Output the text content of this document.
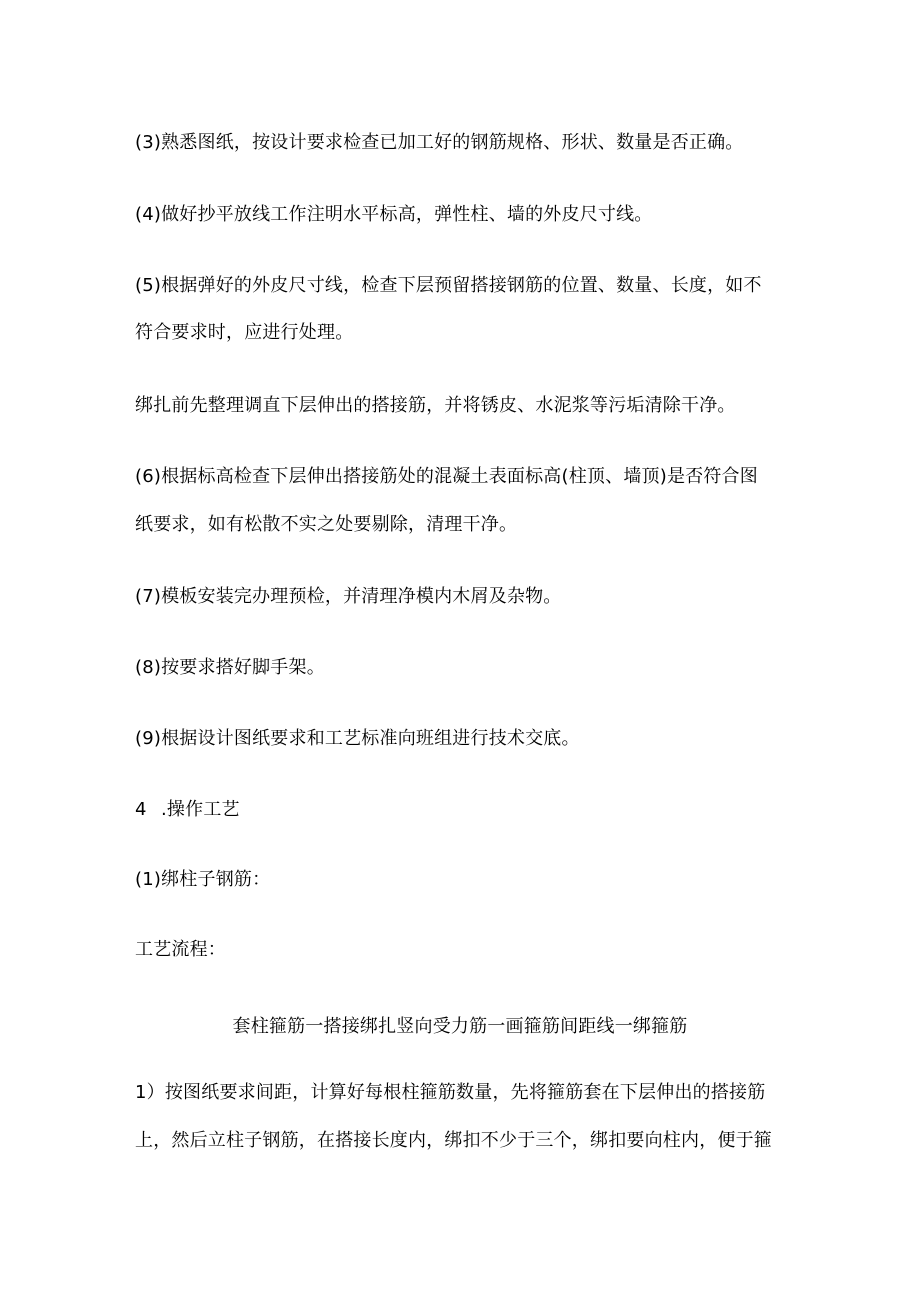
(3)熟悉图纸，按设计要求检查已加工好的钢筋规格、形状、数量是否正确。
(4)做好抄平放线工作注明水平标高，弹性柱、墙的外皮尺寸线。
(5)根据弹好的外皮尺寸线，检查下层预留搭接钢筋的位置、数量、长度，如不
符合要求时，应进行处理。
绑扎前先整理调直下层伸出的搭接筋，并将锈皮、水泥浆等污垢清除干净。
(6)根据标高检查下层伸出搭接筋处的混凝土表面标高(柱顶、墙顶)是否符合图
纸要求，如有松散不实之处要剔除，清理干净。
(7)模板安装完办理预检，并清理净模内木屑及杂物。
(8)按要求搭好脚手架。
(9)根据设计图纸要求和工艺标准向班组进行技术交底。
4 .操作工艺
(1)绑柱子钢筋：
工艺流程：
套柱箍筋一搭接绑扎竖向受力筋一画箍筋间距线一绑箍筋
1）按图纸要求间距，计算好每根柱箍筋数量，先将箍筋套在下层伸出的搭接筋
上，然后立柱子钢筋，在搭接长度内，绑扣不少于三个，绑扣要向柱内，便于箍
